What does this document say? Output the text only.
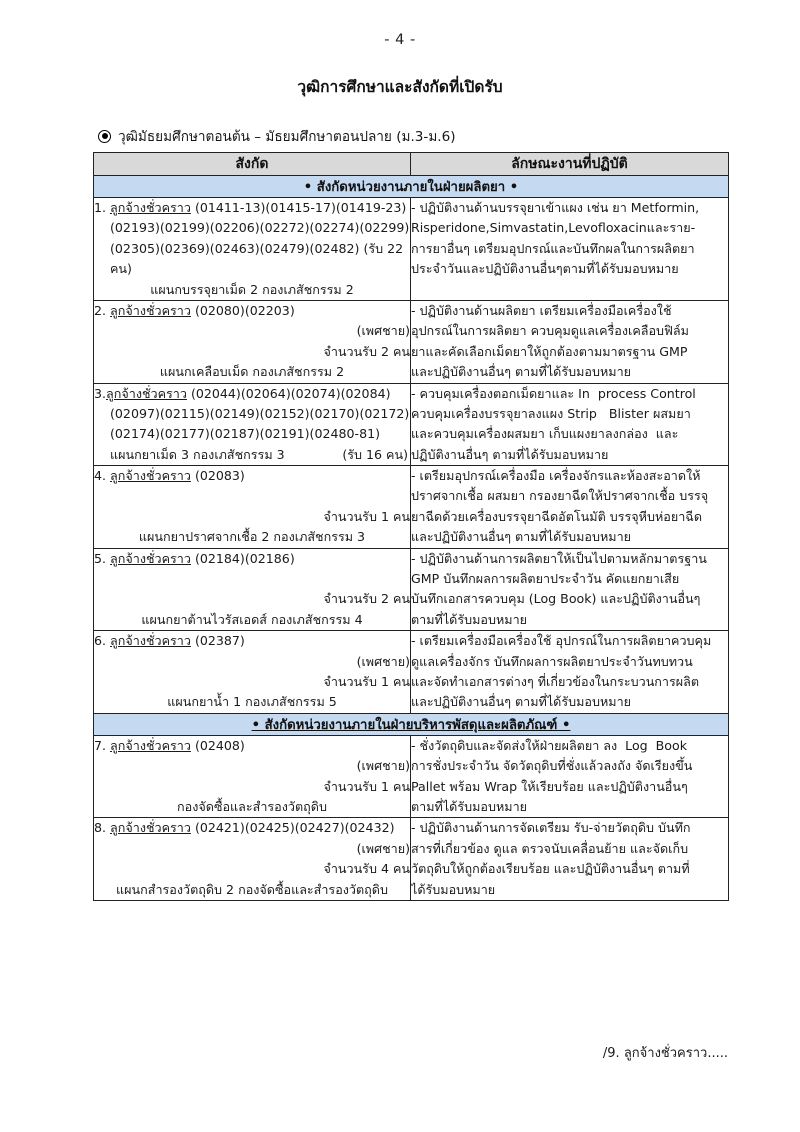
- 4 -
วุฒิการศึกษาและสังกัดที่เปิดรับ
วุฒิมัธยมศึกษาตอนต้น – มัธยมศึกษาตอนปลาย (ม.3-ม.6)
สังกัด	ลักษณะงานที่ปฏิบัติ
• สังกัดหน่วยงานภายในฝ่ายผลิตยา •	

1. ลูกจ้างชั่วคราว (01411-13)(01415-17)(01419-23)
(02193)(02199)(02206)(02272)(02274)(02299)
(02305)(02369)(02463)(02479)(02482) (รับ 22 คน)
แผนกบรรจุยาเม็ด 2 กองเภสัชกรรม 2	- ปฏิบัติงานด้านบรรจุยาเข้าแผง เช่น ยา Metformin,
Risperidone,Simvastatin,Levofloxacinและราย-
การยาอื่นๆ เตรียมอุปกรณ์และบันทึกผลในการผลิตยา
ประจำวันและปฏิบัติงานอื่นๆตามที่ได้รับมอบหมาย

2. ลูกจ้างชั่วคราว (02080)(02203)
(เพศชาย)
จำนวนรับ 2 คน
แผนกเคลือบเม็ด กองเภสัชกรรม 2	- ปฏิบัติงานด้านผลิตยา เตรียมเครื่องมือเครื่องใช้
อุปกรณ์ในการผลิตยา ควบคุมดูแลเครื่องเคลือบฟิล์ม
ยาและคัดเลือกเม็ดยาให้ถูกต้องตามมาตรฐาน GMP
และปฏิบัติงานอื่นๆ ตามที่ได้รับมอบหมาย

3.ลูกจ้างชั่วคราว (02044)(02064)(02074)(02084)
(02097)(02115)(02149)(02152)(02170)(02172)
(02174)(02177)(02187)(02191)(02480-81)
แผนกยาเม็ด 3 กองเภสัชกรรม 3 (รับ 16 คน)	- ควบคุมเครื่องตอกเม็ดยาและ In  process Control
ควบคุมเครื่องบรรจุยาลงแผง Strip   Blister ผสมยา
และควบคุมเครื่องผสมยา เก็บแผงยาลงกล่อง  และ
ปฏิบัติงานอื่นๆ ตามที่ได้รับมอบหมาย

4. ลูกจ้างชั่วคราว (02083)

จำนวนรับ 1 คน
แผนกยาปราศจากเชื้อ 2 กองเภสัชกรรม 3	- เตรียมอุปกรณ์เครื่องมือ เครื่องจักรและห้องสะอาดให้
ปราศจากเชื้อ ผสมยา กรองยาฉีดให้ปราศจากเชื้อ บรรจุ
ยาฉีดด้วยเครื่องบรรจุยาฉีดอัตโนมัติ บรรจุหีบห่อยาฉีด
และปฏิบัติงานอื่นๆ ตามที่ได้รับมอบหมาย

5. ลูกจ้างชั่วคราว (02184)(02186)

จำนวนรับ 2 คน
แผนกยาต้านไวรัสเอดส์ กองเภสัชกรรม 4	- ปฏิบัติงานด้านการผลิตยาให้เป็นไปตามหลักมาตรฐาน
GMP บันทึกผลการผลิตยาประจำวัน คัดแยกยาเสีย
บันทึกเอกสารควบคุม (Log Book) และปฏิบัติงานอื่นๆ
ตามที่ได้รับมอบหมาย

6. ลูกจ้างชั่วคราว (02387)
(เพศชาย)
จำนวนรับ 1 คน
แผนกยาน้ำ 1 กองเภสัชกรรม 5	- เตรียมเครื่องมือเครื่องใช้ อุปกรณ์ในการผลิตยาควบคุม
ดูแลเครื่องจักร บันทึกผลการผลิตยาประจำวันทบทวน
และจัดทำเอกสารต่างๆ ที่เกี่ยวข้องในกระบวนการผลิต
และปฏิบัติงานอื่นๆ ตามที่ได้รับมอบหมาย

• สังกัดหน่วยงานภายในฝ่ายบริหารพัสดุและผลิตภัณฑ์ •	

7. ลูกจ้างชั่วคราว (02408)
(เพศชาย)
จำนวนรับ 1 คน
กองจัดซื้อและสำรองวัตถุดิบ	- ชั่งวัตถุดิบและจัดส่งให้ฝ่ายผลิตยา ลง  Log  Book
การชั่งประจำวัน จัดวัตถุดิบที่ชั่งแล้วลงถัง จัดเรียงขึ้น
Pallet พร้อม Wrap ให้เรียบร้อย และปฏิบัติงานอื่นๆ
ตามที่ได้รับมอบหมาย

8. ลูกจ้างชั่วคราว (02421)(02425)(02427)(02432)
(เพศชาย)
จำนวนรับ 4 คน
แผนกสำรองวัตถุดิบ 2 กองจัดซื้อและสำรองวัตถุดิบ	- ปฏิบัติงานด้านการจัดเตรียม รับ-จ่ายวัตถุดิบ บันทึก
สารที่เกี่ยวข้อง ดูแล ตรวจนับเคลื่อนย้าย และจัดเก็บ
วัตถุดิบให้ถูกต้องเรียบร้อย และปฏิบัติงานอื่นๆ ตามที่
ได้รับมอบหมาย
/9. ลูกจ้างชั่วคราว.....
